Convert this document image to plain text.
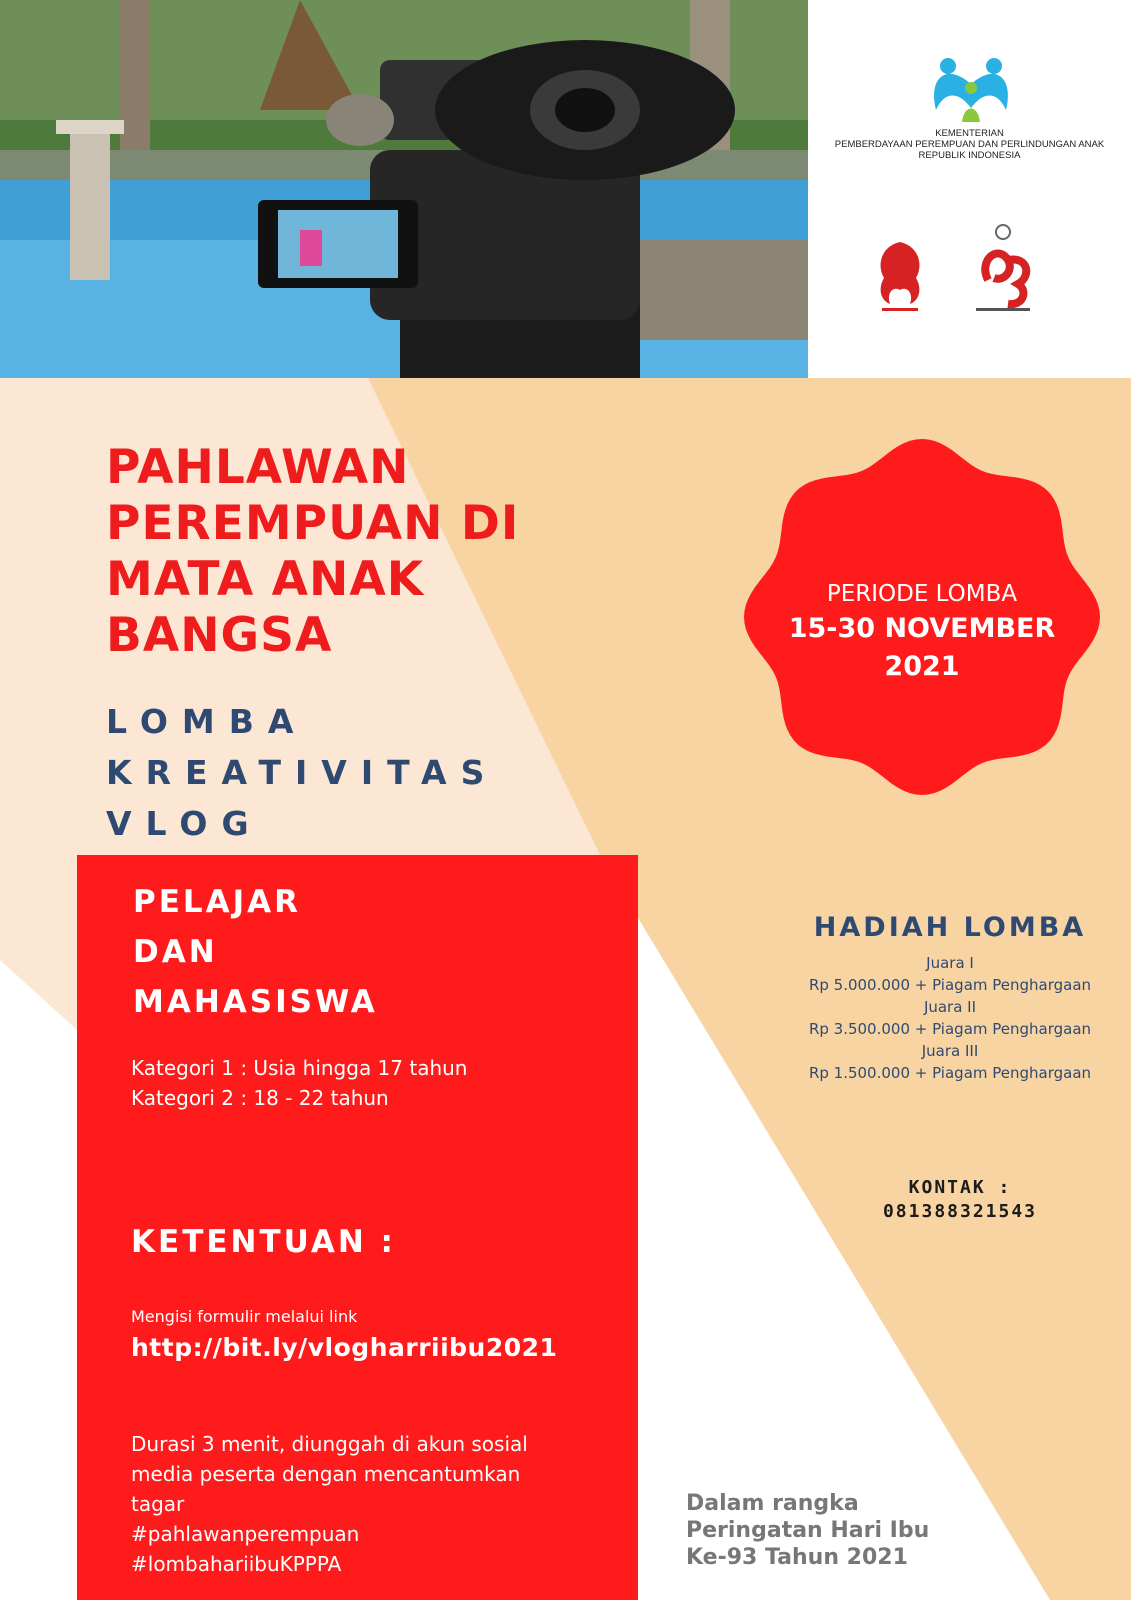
KEMENTERIAN
PEMBERDAYAAN PEREMPUAN DAN PERLINDUNGAN ANAK
REPUBLIK INDONESIA
PAHLAWAN
PEREMPUAN DI
MATA ANAK
BANGSA
LOMBA
KREATIVITAS
VLOG
PERIODE LOMBA
15-30 NOVEMBER
2021
PELAJAR
DAN
MAHASISWA
Kategori 1 : Usia hingga 17 tahun
Kategori 2 : 18 - 22 tahun
KETENTUAN :
Mengisi formulir melalui link
http://bit.ly/vlogharriibu2021
Durasi 3 menit, diunggah di akun sosial
media peserta dengan mencantumkan
tagar
#pahlawanperempuan
#lombahariibuKPPPA
HADIAH LOMBA
Juara I
Rp 5.000.000 + Piagam Penghargaan
Juara II
Rp 3.500.000 + Piagam Penghargaan
Juara III
Rp 1.500.000 + Piagam Penghargaan
KONTAK :
081388321543
Dalam rangka
Peringatan Hari Ibu
Ke-93 Tahun 2021
